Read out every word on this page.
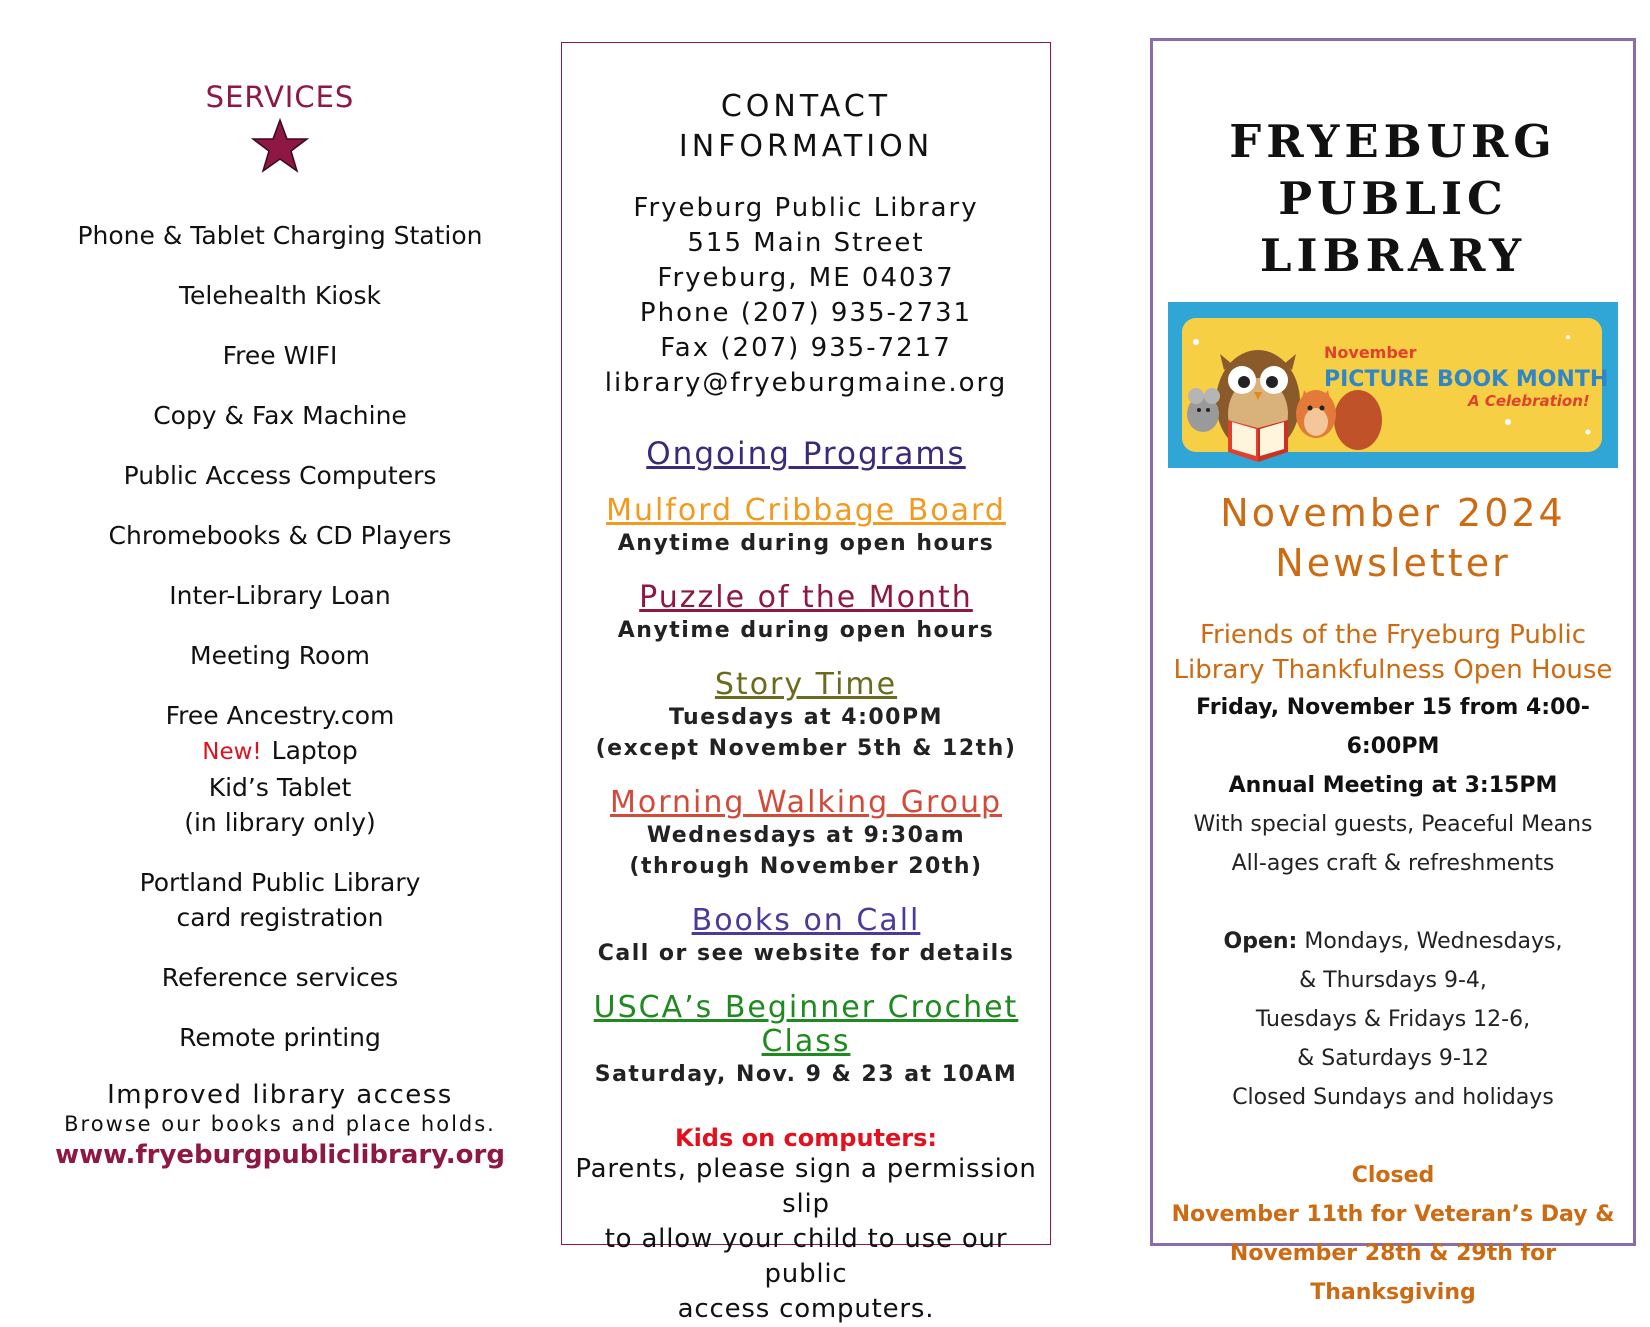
SERVICES
Phone & Tablet Charging Station
Telehealth Kiosk
Free WIFI
Copy & Fax Machine
Public Access Computers
Chromebooks & CD Players
Inter-Library Loan
Meeting Room
Free Ancestry.com
New! Laptop
Kid’s Tablet
(in library only)
Portland Public Library
card registration
Reference services
Remote printing
Improved library access
Browse our books and place holds.
www.fryeburgpubliclibrary.org
CONTACT
INFORMATION
Fryeburg Public Library
515 Main Street
Fryeburg, ME 04037
Phone (207) 935-2731
Fax (207) 935-7217
library@fryeburgmaine.org
Ongoing Programs
Mulford Cribbage Board
Anytime during open hours
Puzzle of the Month
Anytime during open hours
Story Time
Tuesdays at 4:00PM
(except November 5th & 12th)
Morning Walking Group
Wednesdays at 9:30am
(through November 20th)
Books on Call
Call or see website for details
USCA’s Beginner Crochet Class
Saturday, Nov. 9 & 23 at 10AM
Kids on computers:
Parents, please sign a permission slip
to allow your child to use our public
access computers.
FRYEBURG
PUBLIC
LIBRARY
November
PICTURE BOOK MONTH
A Celebration!
November 2024
Newsletter
Friends of the Fryeburg Public
Library Thankfulness Open House
Friday, November 15 from 4:00-6:00PM
Annual Meeting at 3:15PM
With special guests, Peaceful Means
All-ages craft & refreshments
Open: Mondays, Wednesdays,
& Thursdays 9-4,
Tuesdays & Fridays 12-6,
& Saturdays 9-12
Closed Sundays and holidays
Closed
November 11th for Veteran’s Day &
November 28th & 29th for Thanksgiving
